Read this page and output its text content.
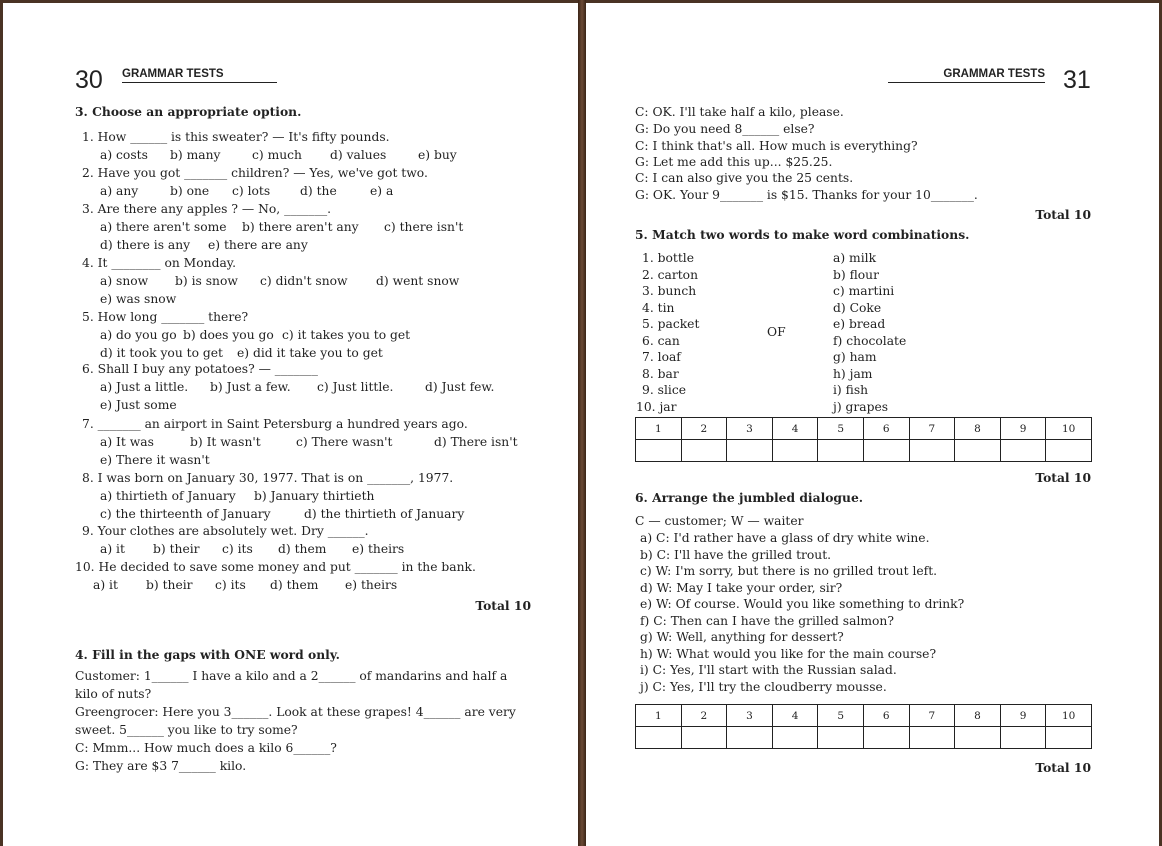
30 GRAMMAR TESTS
3. Choose an appropriate option.
1. How ______ is this sweater? — It's fifty pounds.
a) costs b) many	c) much d) values	e) buy
2. Have you got _______ children? — Yes, we've got two.
a) any	b) one c) lots d) the	e) a
3. Are there any apples ? — No, _______.
a) there aren't some b) there aren't any c) there isn't
d) there is any e) there are any
4. It ________ on Monday.
a) snow b) is snow c) didn't snow d) went snow
e) was snow
5. How long _______ there?
a) do you go b) does you go c) it takes you to get
d) it took you to get e) did it take you to get
6. Shall I buy any potatoes? — _______
a) Just a little. b) Just a few. c) Just little.	d) Just few.
e) Just some
7. _______ an airport in Saint Petersburg a hundred years ago.
a) It was	b) It wasn't	c) There wasn't	d) There isn't
e) There it wasn't
8. I was born on January 30, 1977. That is on _______, 1977.
a) thirtieth of January b) January thirtieth
c) the thirteenth of January	d) the thirtieth of January
9. Your clothes are absolutely wet. Dry ______.
a) it b) their c) its d) them e) theirs
10. He decided to save some money and put _______ in the bank.
a) it b) their c) its d) them e) theirs
Total 10
4. Fill in the gaps with ONE word only.
Customer: 1______ I have a kilo and a 2______ of mandarins and half a
kilo of nuts?
Greengrocer: Here you 3______. Look at these grapes! 4______ are very
sweet. 5______ you like to try some?
C: Mmm... How much does a kilo 6______?
G: They are $3 7______ kilo.
GRAMMAR TESTS 31
C: OK. I'll take half a kilo, please.
G: Do you need 8______ else?
C: I think that's all. How much is everything?
G: Let me add this up... $25.25.
C: I can also give you the 25 cents.
G: OK. Your 9_______ is $15. Thanks for your 10_______.
Total 10
5. Match two words to make word combinations.
1. bottle	a) milk
2. carton	b) flour
3. bunch	c) martini
4. tin	d) Coke
5. packet	e) bread
6. can	f) chocolate
7. loaf	g) ham
8. bar	h) jam
9. slice	i) fish
10. jar	j) grapes
OF
1	2	3	4	5	6	7	8	9	10

Total 10
6. Arrange the jumbled dialogue.
C — customer; W — waiter
a) C: I'd rather have a glass of dry white wine.
b) C: I'll have the grilled trout.
c) W: I'm sorry, but there is no grilled trout left.
d) W: May I take your order, sir?
e) W: Of course. Would you like something to drink?
f) C: Then can I have the grilled salmon?
g) W: Well, anything for dessert?
h) W: What would you like for the main course?
i) C: Yes, I'll start with the Russian salad.
j) C: Yes, I'll try the cloudberry mousse.
1	2	3	4	5	6	7	8	9	10

Total 10
